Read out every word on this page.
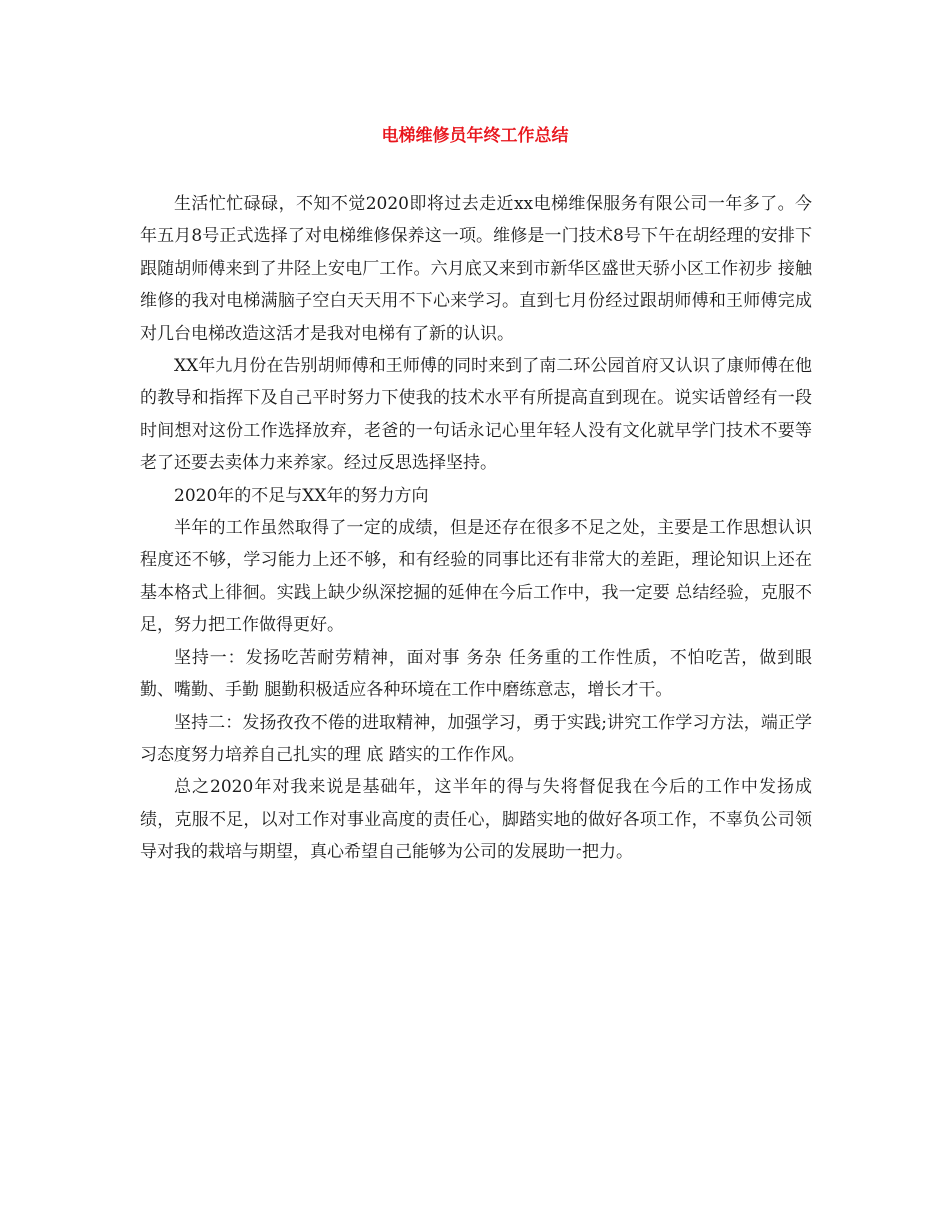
电梯维修员年终工作总结

生活忙忙碌碌，不知不觉2020即将过去走近xx电梯维保服务有限公司一年多了。今年五月8号正式选择了对电梯维修保养这一项。维修是一门技术8号下午在胡经理的安排下跟随胡师傅来到了井陉上安电厂工作。六月底又来到市新华区盛世天骄小区工作初步 接触维修的我对电梯满脑子空白天天用不下心来学习。直到七月份经过跟胡师傅和王师傅完成对几台电梯改造这活才是我对电梯有了新的认识。

XX年九月份在告别胡师傅和王师傅的同时来到了南二环公园首府又认识了康师傅在他的教导和指挥下及自己平时努力下使我的技术水平有所提高直到现在。说实话曾经有一段时间想对这份工作选择放弃，老爸的一句话永记心里年轻人没有文化就早学门技术不要等老了还要去卖体力来养家。经过反思选择坚持。

2020年的不足与XX年的努力方向

半年的工作虽然取得了一定的成绩，但是还存在很多不足之处，主要是工作思想认识程度还不够，学习能力上还不够，和有经验的同事比还有非常大的差距，理论知识上还在基本格式上徘徊。实践上缺少纵深挖掘的延伸在今后工作中，我一定要 总结经验，克服不足，努力把工作做得更好。

坚持一：发扬吃苦耐劳精神，面对事 务杂 任务重的工作性质，不怕吃苦，做到眼勤、嘴勤、手勤 腿勤积极适应各种环境在工作中磨练意志，增长才干。

坚持二：发扬孜孜不倦的进取精神，加强学习，勇于实践;讲究工作学习方法，端正学习态度努力培养自己扎实的理 底 踏实的工作作风。

总之2020年对我来说是基础年，这半年的得与失将督促我在今后的工作中发扬成绩，克服不足，以对工作对事业高度的责任心，脚踏实地的做好各项工作，不辜负公司领导对我的栽培与期望，真心希望自己能够为公司的发展助一把力。
